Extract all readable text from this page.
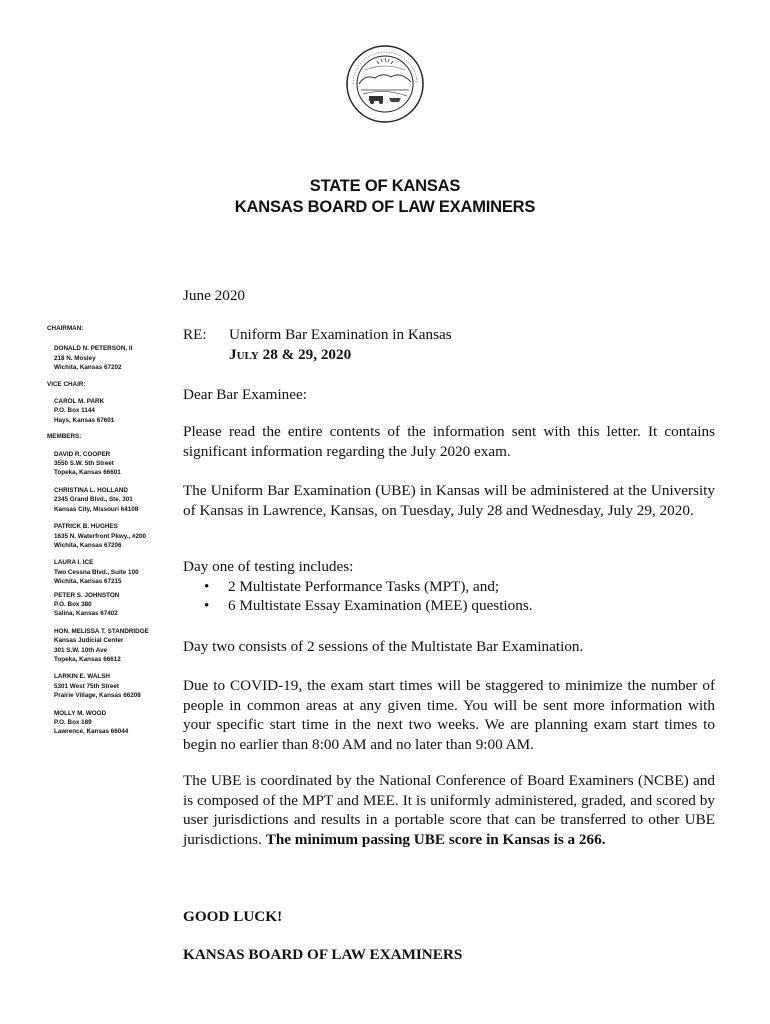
STATE OF KANSAS
KANSAS BOARD OF LAW EXAMINERS
CHAIRMAN:
DONALD N. PETERSON, II
218 N. Mosley
Wichita, Kansas 67202
VICE CHAIR:
CAROL M. PARK
P.O. Box 1144
Hays, Kansas 67601
MEMBERS:
DAVID R. COOPER
3550 S.W. 5th Street
Topeka, Kansas 66601
CHRISTINA L. HOLLAND
2345 Grand Blvd., Ste. 301
Kansas City, Missouri 64108
PATRICK B. HUGHES
1635 N. Waterfront Pkwy., #200
Wichita, Kansas 67206
LAURA I. ICE
Two Cessna Blvd., Suite 100
Wichita, Kansas 67215
PETER S. JOHNSTON
P.O. Box 380
Salina, Kansas 67402
HON. MELISSA T. STANDRIDGE
Kansas Judicial Center
301 S.W. 10th Ave
Topeka, Kansas 66612
LARKIN E. WALSH
5301 West 75th Street
Prairie Village, Kansas 66208
MOLLY M. WOOD
P.O. Box 189
Lawrence, Kansas 66044
June 2020
RE: Uniform Bar Examination in Kansas
July 28 & 29, 2020
Dear Bar Examinee:
Please read the entire contents of the information sent with this letter. It contains significant information regarding the July 2020 exam.
The Uniform Bar Examination (UBE) in Kansas will be administered at the University of Kansas in Lawrence, Kansas, on Tuesday, July 28 and Wednesday, July 29, 2020.
Day one of testing includes:
• 2 Multistate Performance Tasks (MPT), and;
• 6 Multistate Essay Examination (MEE) questions.
Day two consists of 2 sessions of the Multistate Bar Examination.
Due to COVID-19, the exam start times will be staggered to minimize the number of people in common areas at any given time. You will be sent more information with your specific start time in the next two weeks. We are planning exam start times to begin no earlier than 8:00 AM and no later than 9:00 AM.
The UBE is coordinated by the National Conference of Board Examiners (NCBE) and is composed of the MPT and MEE. It is uniformly administered, graded, and scored by user jurisdictions and results in a portable score that can be transferred to other UBE jurisdictions. The minimum passing UBE score in Kansas is a 266.
GOOD LUCK!
KANSAS BOARD OF LAW EXAMINERS
